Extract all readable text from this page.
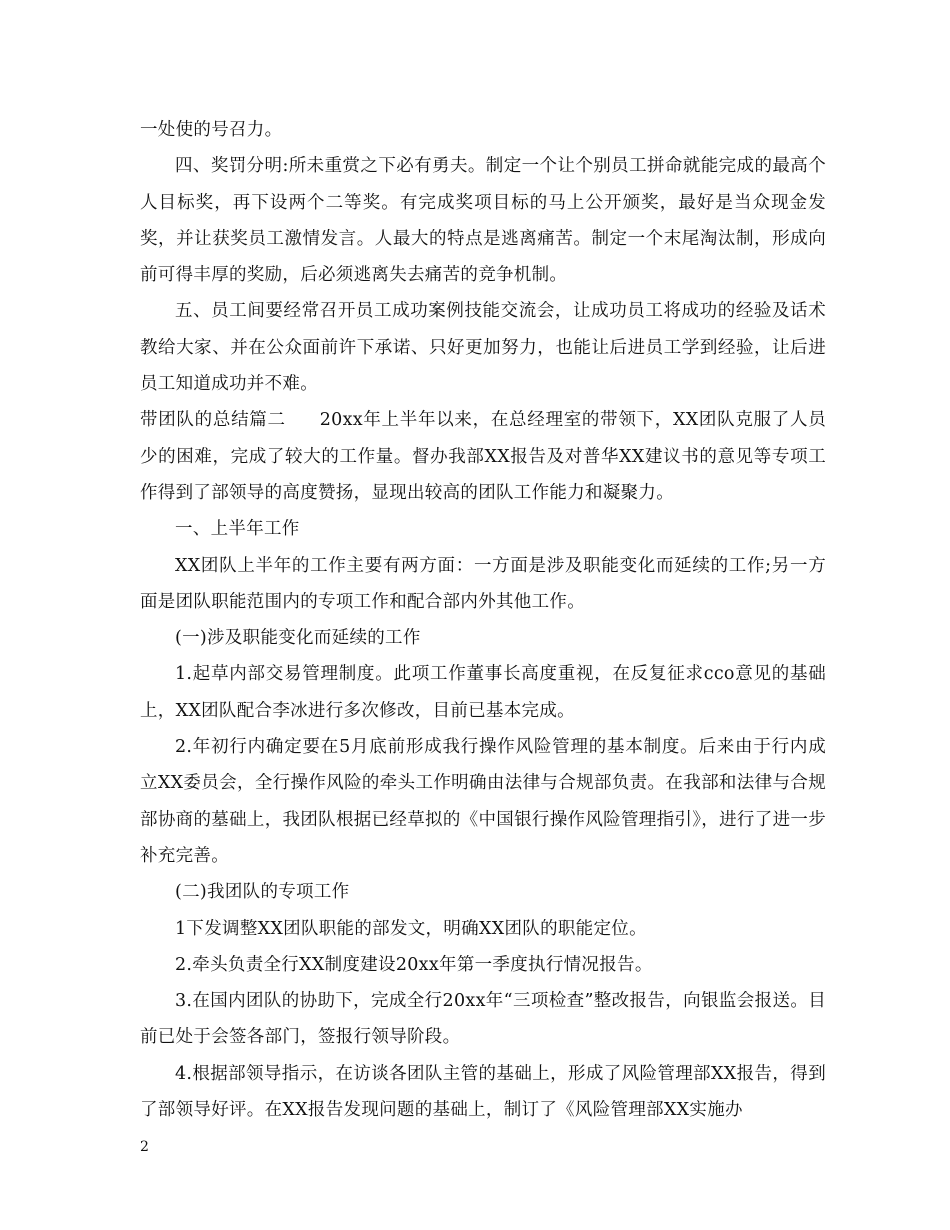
一处使的号召力。

四、奖罚分明:所未重赏之下必有勇夫。制定一个让个别员工拼命就能完成的最高个人目标奖，再下设两个二等奖。有完成奖项目标的马上公开颁奖，最好是当众现金发奖，并让获奖员工激情发言。人最大的特点是逃离痛苦。制定一个末尾淘汰制，形成向前可得丰厚的奖励，后必须逃离失去痛苦的竞争机制。

五、员工间要经常召开员工成功案例技能交流会，让成功员工将成功的经验及话术教给大家、并在公众面前许下承诺、只好更加努力，也能让后进员工学到经验，让后进员工知道成功并不难。

带团队的总结篇二 20xx年上半年以来，在总经理室的带领下，XX团队克服了人员少的困难，完成了较大的工作量。督办我部XX报告及对普华XX建议书的意见等专项工作得到了部领导的高度赞扬，显现出较高的团队工作能力和凝聚力。

一、上半年工作

XX团队上半年的工作主要有两方面：一方面是涉及职能变化而延续的工作;另一方面是团队职能范围内的专项工作和配合部内外其他工作。

(一)涉及职能变化而延续的工作

1.起草内部交易管理制度。此项工作董事长高度重视，在反复征求cco意见的基础上，XX团队配合李冰进行多次修改，目前已基本完成。

2.年初行内确定要在5月底前形成我行操作风险管理的基本制度。后来由于行内成立XX委员会，全行操作风险的牵头工作明确由法律与合规部负责。在我部和法律与合规部协商的墓础上，我团队根据已经草拟的《中国银行操作风险管理指引》，进行了进一步补充完善。

(二)我团队的专项工作

1下发调整XX团队职能的部发文，明确XX团队的职能定位。

2.牵头负责全行XX制度建设20xx年第一季度执行情况报告。

3.在国内团队的协助下，完成全行20xx年“三项检查”整改报告，向银监会报送。目前已处于会签各部门，签报行领导阶段。

4.根据部领导指示，在访谈各团队主管的基础上，形成了风险管理部XX报告，得到了部领导好评。在XX报告发现问题的基础上，制订了《风险管理部XX实施办

2
